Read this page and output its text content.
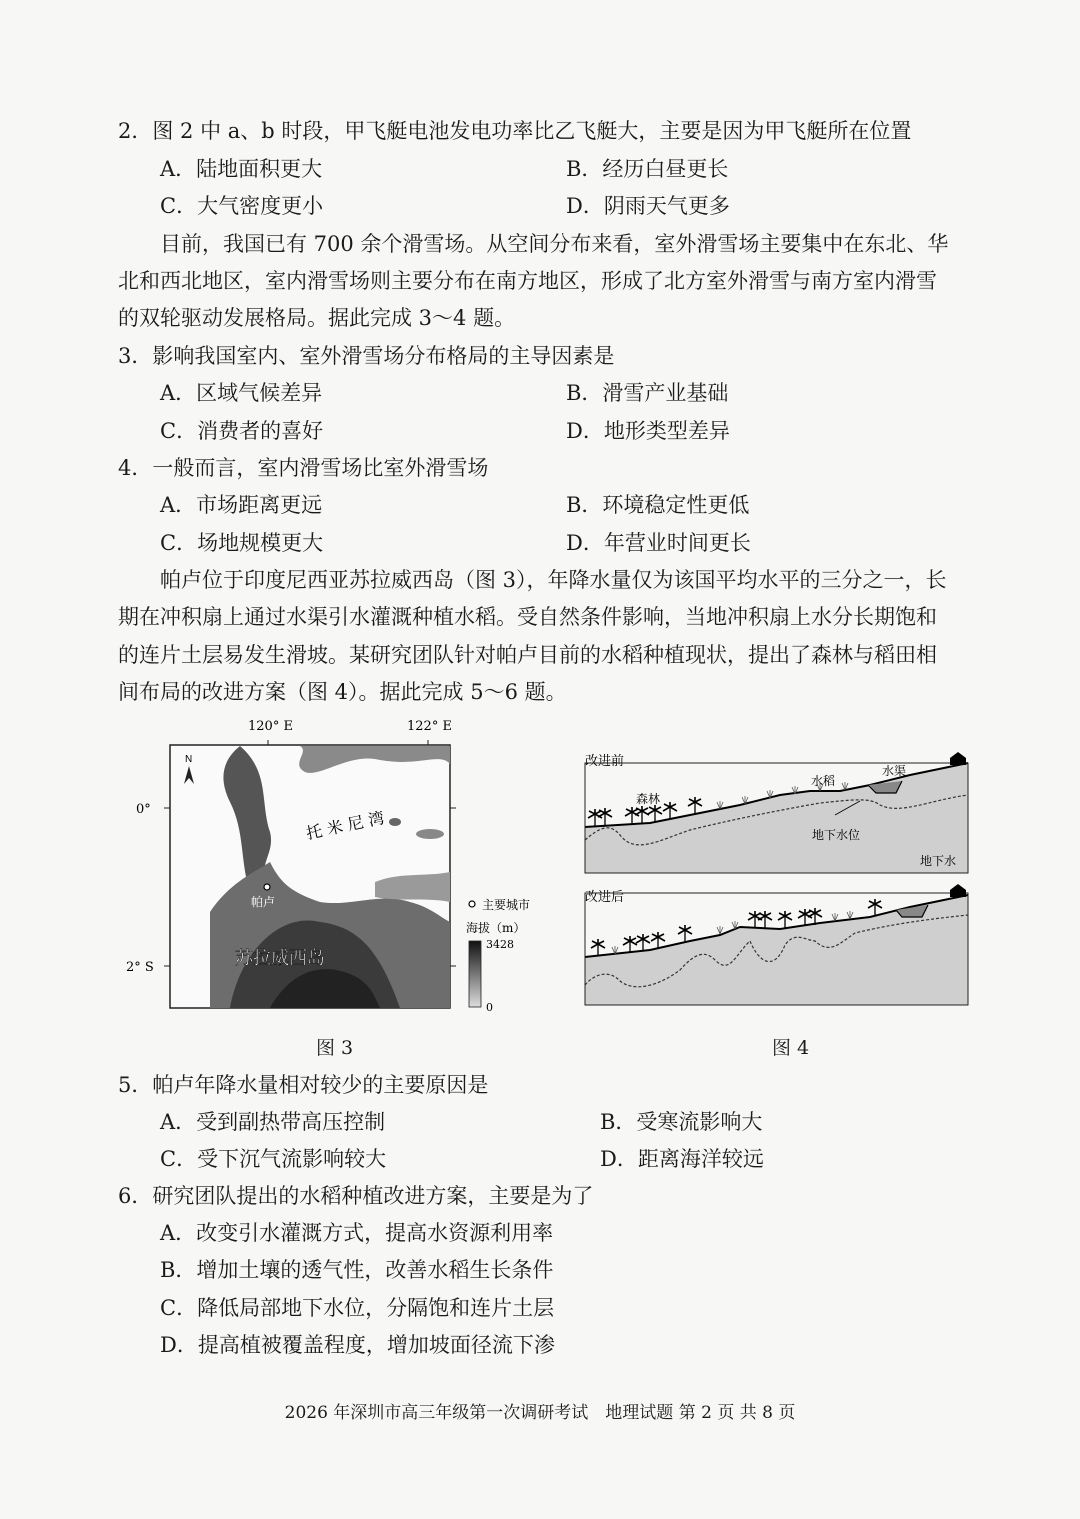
2．图 2 中 a、b 时段，甲飞艇电池发电功率比乙飞艇大，主要是因为甲飞艇所在位置
A．陆地面积更大	B．经历白昼更长
C．大气密度更小	D．阴雨天气更多
目前，我国已有 700 余个滑雪场。从空间分布来看，室外滑雪场主要集中在东北、华
北和西北地区，室内滑雪场则主要分布在南方地区，形成了北方室外滑雪与南方室内滑雪
的双轮驱动发展格局。据此完成 3～4 题。
3．影响我国室内、室外滑雪场分布格局的主导因素是
A．区域气候差异	B．滑雪产业基础
C．消费者的喜好	D．地形类型差异
4．一般而言，室内滑雪场比室外滑雪场
A．市场距离更远	B．环境稳定性更低
C．场地规模更大	D．年营业时间更长
帕卢位于印度尼西亚苏拉威西岛（图 3），年降水量仅为该国平均水平的三分之一，长
期在冲积扇上通过水渠引水灌溉种植水稻。受自然条件影响，当地冲积扇上水分长期饱和
的连片土层易发生滑坡。某研究团队针对帕卢目前的水稻种植现状，提出了森林与稻田相
间布局的改进方案（图 4）。据此完成 5～6 题。
120° E	122° E
0°
2° S
N
托 米 尼 湾
帕卢
苏拉威西岛
主要城市
海拔（m）
3428
0
改进前
森林
水稻
水渠
地下水位
地下水
改进后
图 3	图 4
5．帕卢年降水量相对较少的主要原因是
A．受到副热带高压控制	B．受寒流影响大
C．受下沉气流影响较大	D．距离海洋较远
6．研究团队提出的水稻种植改进方案，主要是为了
A．改变引水灌溉方式，提高水资源利用率
B．增加土壤的透气性，改善水稻生长条件
C．降低局部地下水位，分隔饱和连片土层
D．提高植被覆盖程度，增加坡面径流下渗
2026 年深圳市高三年级第一次调研考试　地理试题 第 2 页 共 8 页
